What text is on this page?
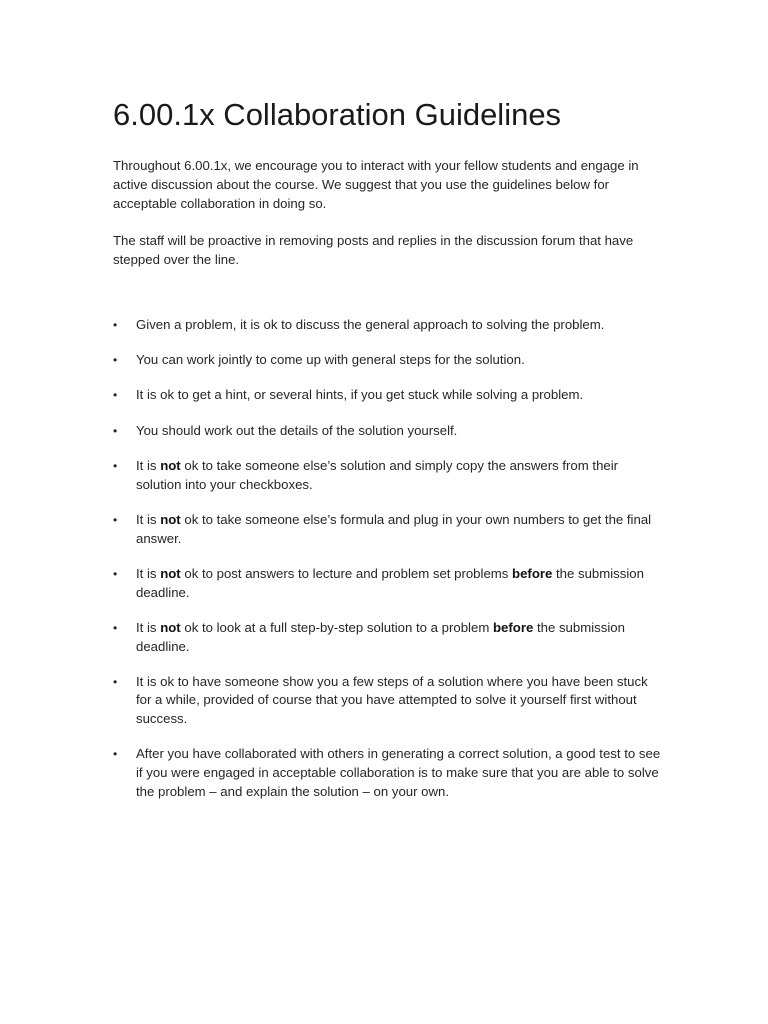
6.00.1x Collaboration Guidelines

Throughout 6.00.1x, we encourage you to interact with your fellow students and engage in active discussion about the course. We suggest that you use the guidelines below for acceptable collaboration in doing so.

The staff will be proactive in removing posts and replies in the discussion forum that have stepped over the line.

• Given a problem, it is ok to discuss the general approach to solving the problem.
• You can work jointly to come up with general steps for the solution.
• It is ok to get a hint, or several hints, if you get stuck while solving a problem.
• You should work out the details of the solution yourself.
• It is not ok to take someone else’s solution and simply copy the answers from their solution into your checkboxes.
• It is not ok to take someone else’s formula and plug in your own numbers to get the final answer.
• It is not ok to post answers to lecture and problem set problems before the submission deadline.
• It is not ok to look at a full step-by-step solution to a problem before the submission deadline.
• It is ok to have someone show you a few steps of a solution where you have been stuck for a while, provided of course that you have attempted to solve it yourself first without success.
• After you have collaborated with others in generating a correct solution, a good test to see if you were engaged in acceptable collaboration is to make sure that you are able to solve the problem – and explain the solution – on your own.
